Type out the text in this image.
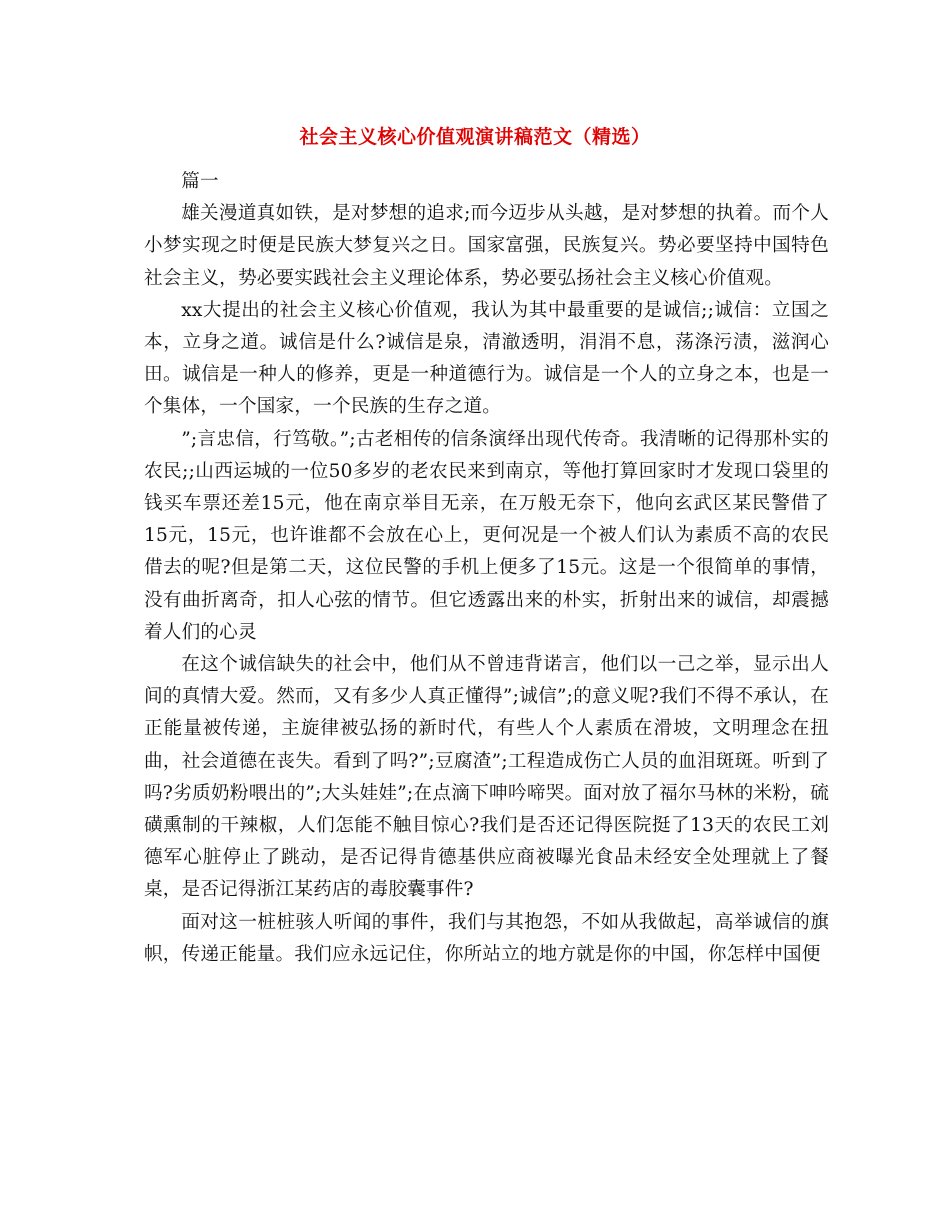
社会主义核心价值观演讲稿范文（精选）

篇一

雄关漫道真如铁，是对梦想的追求;而今迈步从头越，是对梦想的执着。而个人小梦实现之时便是民族大梦复兴之日。国家富强，民族复兴。势必要坚持中国特色社会主义，势必要实践社会主义理论体系，势必要弘扬社会主义核心价值观。

xx大提出的社会主义核心价值观，我认为其中最重要的是诚信;;诚信：立国之本，立身之道。诚信是什么?诚信是泉，清澈透明，涓涓不息，荡涤污渍，滋润心田。诚信是一种人的修养，更是一种道德行为。诚信是一个人的立身之本，也是一个集体，一个国家，一个民族的生存之道。

”;言忠信，行笃敬。”;古老相传的信条演绎出现代传奇。我清晰的记得那朴实的农民;;山西运城的一位50多岁的老农民来到南京，等他打算回家时才发现口袋里的钱买车票还差15元，他在南京举目无亲，在万般无奈下，他向玄武区某民警借了15元，15元，也许谁都不会放在心上，更何况是一个被人们认为素质不高的农民借去的呢?但是第二天，这位民警的手机上便多了15元。这是一个很简单的事情，没有曲折离奇，扣人心弦的情节。但它透露出来的朴实，折射出来的诚信，却震撼着人们的心灵

在这个诚信缺失的社会中，他们从不曾违背诺言，他们以一己之举，显示出人间的真情大爱。然而，又有多少人真正懂得”;诚信”;的意义呢?我们不得不承认，在正能量被传递，主旋律被弘扬的新时代，有些人个人素质在滑坡，文明理念在扭曲，社会道德在丧失。看到了吗?”;豆腐渣”;工程造成伤亡人员的血泪斑斑。听到了吗?劣质奶粉喂出的”;大头娃娃”;在点滴下呻吟啼哭。面对放了福尔马林的米粉，硫磺熏制的干辣椒，人们怎能不触目惊心?我们是否还记得医院挺了13天的农民工刘德军心脏停止了跳动，是否记得肯德基供应商被曝光食品未经安全处理就上了餐桌，是否记得浙江某药店的毒胶囊事件?

面对这一桩桩骇人听闻的事件，我们与其抱怨，不如从我做起，高举诚信的旗帜，传递正能量。我们应永远记住，你所站立的地方就是你的中国，你怎样中国便
